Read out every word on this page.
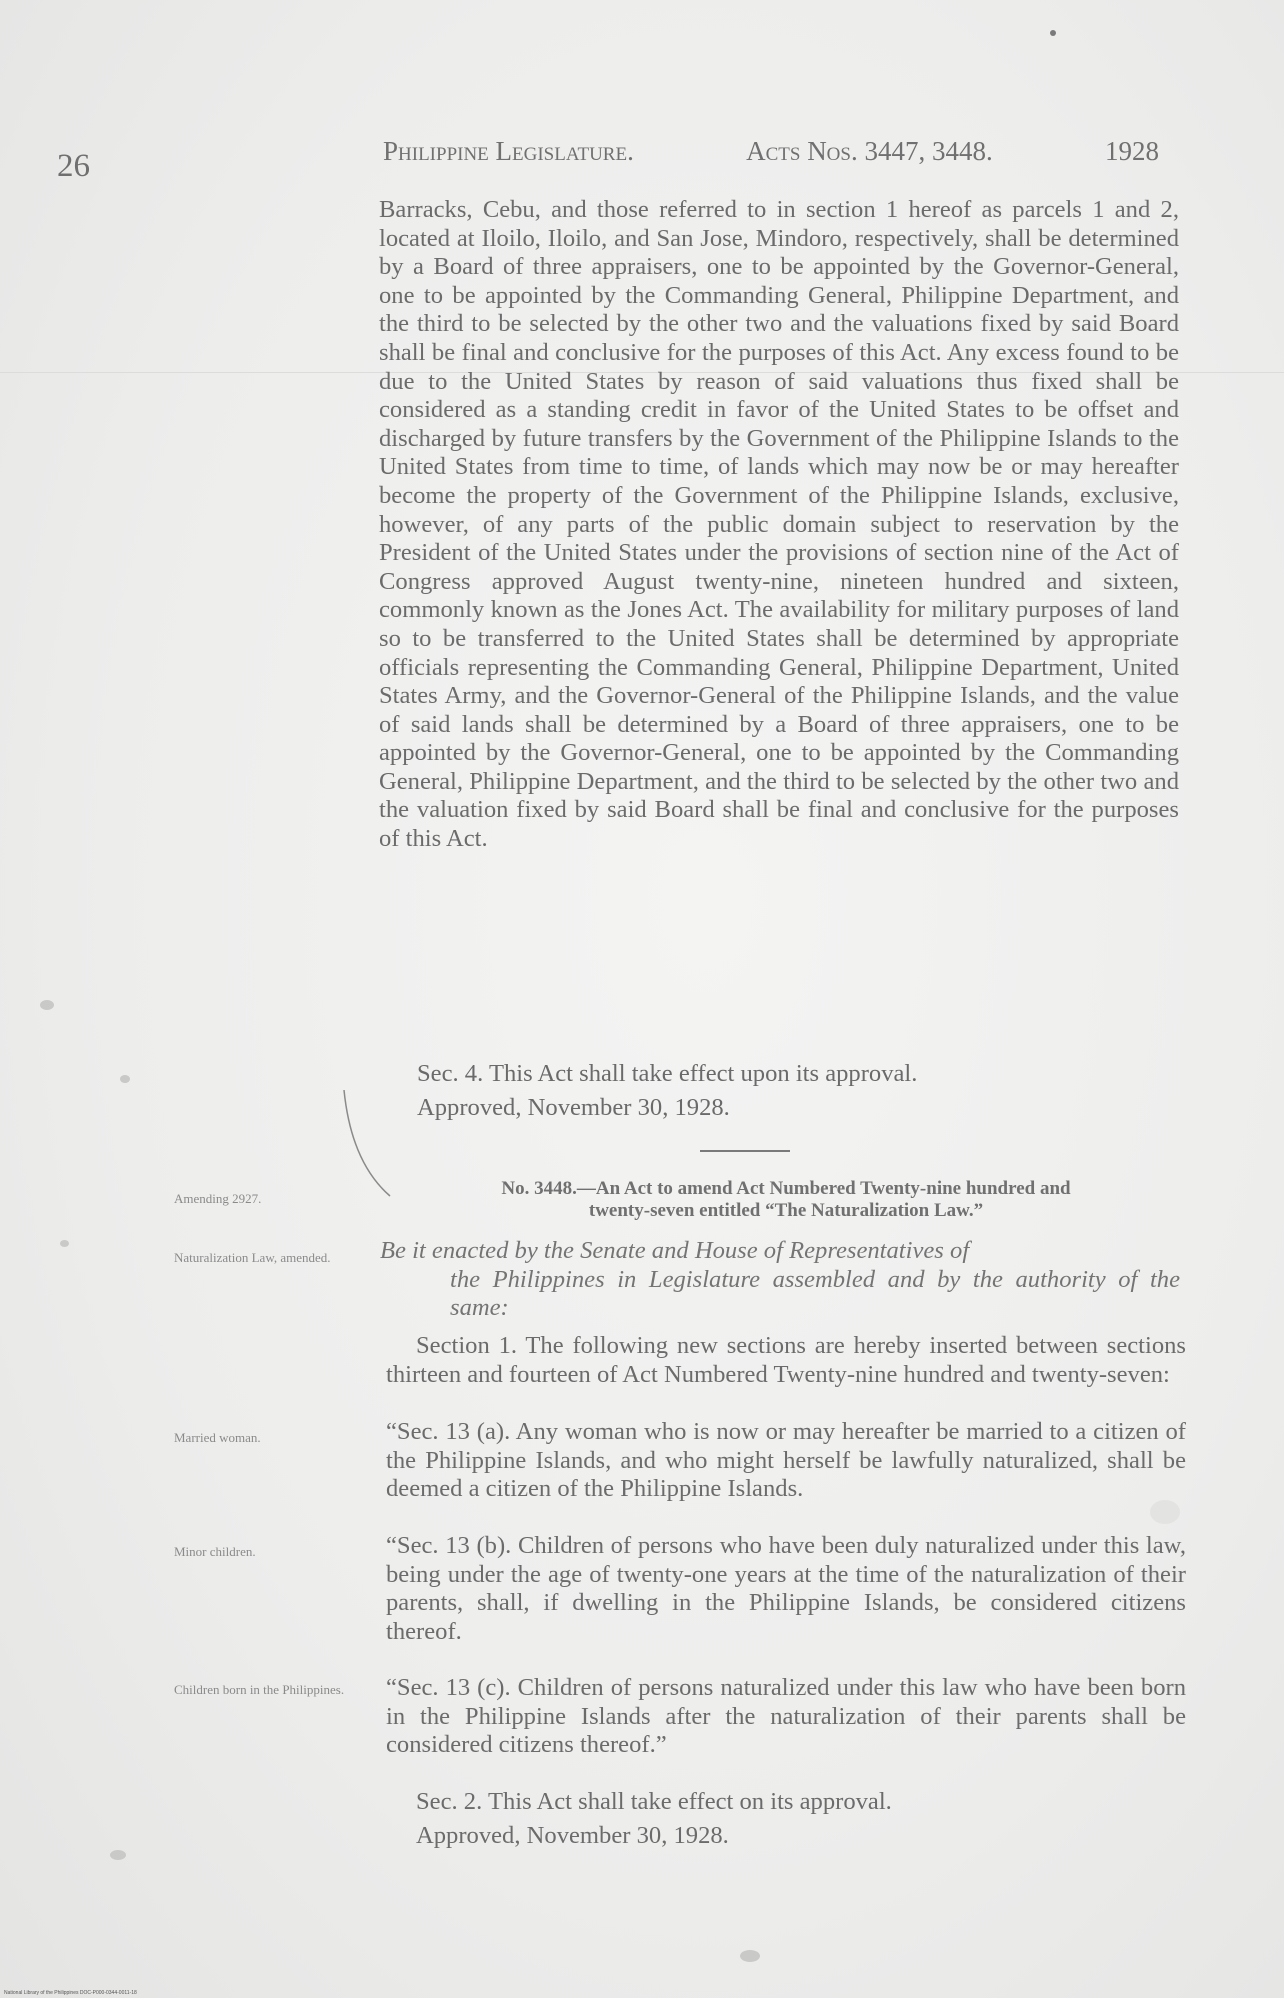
26	Philippine Legislature.	Acts Nos. 3447, 3448.	1928

Barracks, Cebu, and those referred to in section 1 hereof as parcels 1 and 2, located at Iloilo, Iloilo, and San Jose, Mindoro, respectively, shall be determined by a Board of three appraisers, one to be appointed by the Governor-General, one to be appointed by the Commanding General, Philippine Department, and the third to be selected by the other two and the valuations fixed by said Board shall be final and conclusive for the purposes of this Act. Any excess found to be due to the United States by reason of said valuations thus fixed shall be considered as a standing credit in favor of the United States to be offset and discharged by future transfers by the Government of the Philippine Islands to the United States from time to time, of lands which may now be or may hereafter become the property of the Government of the Philippine Islands, exclusive, however, of any parts of the public domain subject to reservation by the President of the United States under the provisions of section nine of the Act of Congress approved August twenty-nine, nineteen hundred and sixteen, commonly known as the Jones Act. The availability for military purposes of land so to be transferred to the United States shall be determined by appropriate officials representing the Commanding General, Philippine Department, United States Army, and the Governor-General of the Philippine Islands, and the value of said lands shall be determined by a Board of three appraisers, one to be appointed by the Governor-General, one to be appointed by the Commanding General, Philippine Department, and the third to be selected by the other two and the valuation fixed by said Board shall be final and conclusive for the purposes of this Act.

Sec. 4. This Act shall take effect upon its approval.
Approved, November 30, 1928.
No. 3448.—An Act to amend Act Numbered Twenty-nine hundred and
twenty-seven entitled “The Naturalization Law.”
Amending 2927.
Naturalization Law, amended.
Married woman.
Minor children.
Children born in the Philippines.
Be it enacted by the Senate and House of Representatives of
the Philippines in Legislature assembled and by the authority of the same:
Section 1. The following new sections are hereby inserted between sections thirteen and fourteen of Act Numbered Twenty-nine hundred and twenty-seven:
“Sec. 13 (a). Any woman who is now or may hereafter be married to a citizen of the Philippine Islands, and who might herself be lawfully naturalized, shall be deemed a citizen of the Philippine Islands.
“Sec. 13 (b). Children of persons who have been duly naturalized under this law, being under the age of twenty-one years at the time of the naturalization of their parents, shall, if dwelling in the Philippine Islands, be considered citizens thereof.
“Sec. 13 (c). Children of persons naturalized under this law who have been born in the Philippine Islands after the naturalization of their parents shall be considered citizens thereof.”
Sec. 2. This Act shall take effect on its approval.
Approved, November 30, 1928.
National Library of the Philippines DOC-P000-0344-0011-18
